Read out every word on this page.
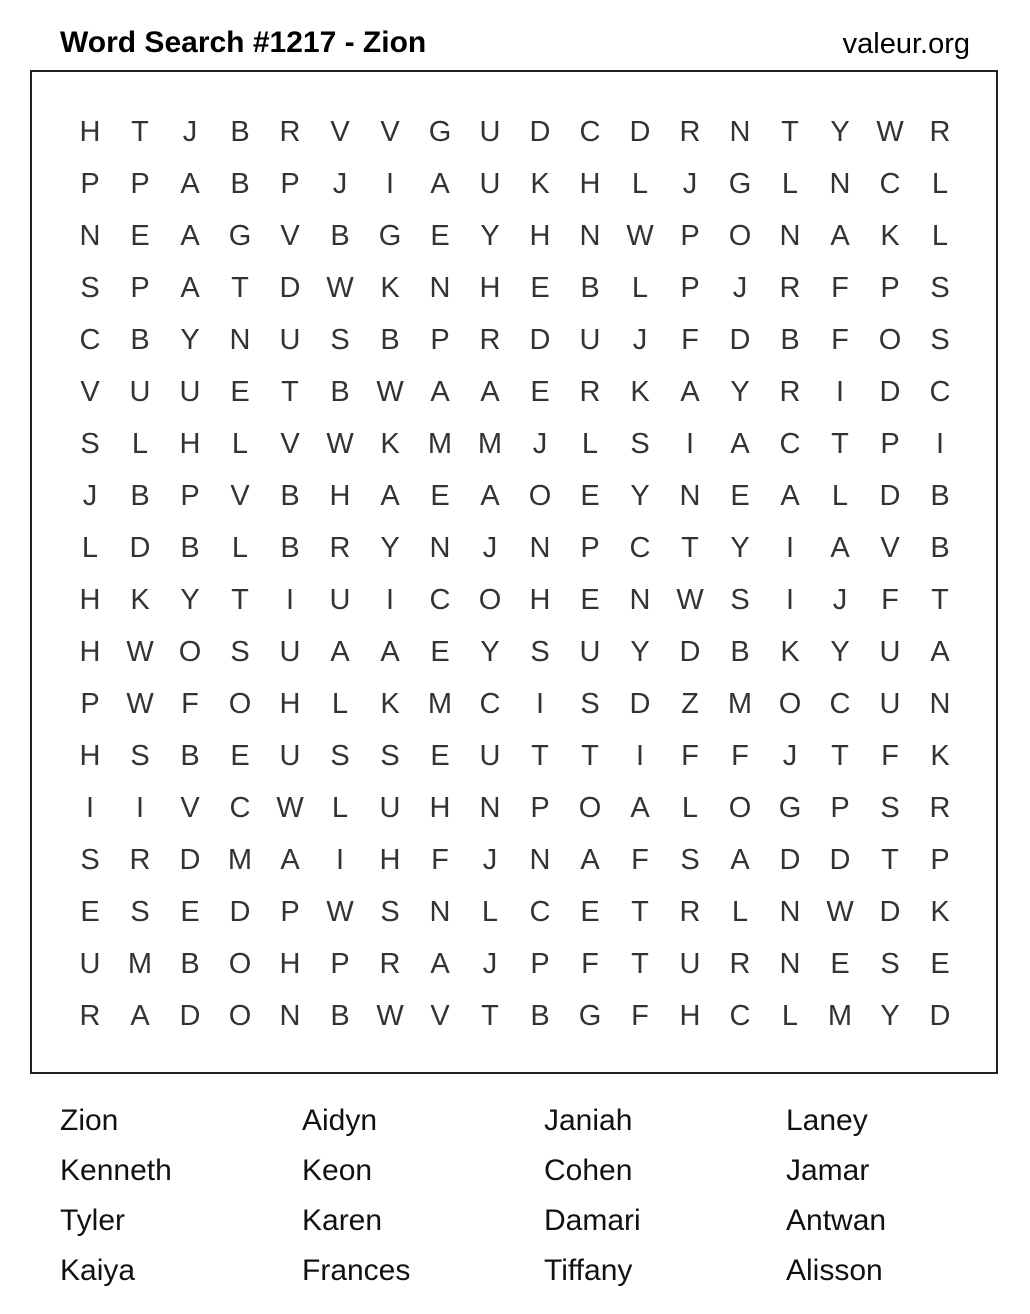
Word Search #1217 - Zion	valeur.org
H	T	J	B	R	V	V	G U	D	C	D	R	N	T	Y W R
P	P	A	B	P	J	I	A	U	K	H	L	J	G	L	N	C	L
N	E	A	G	V	B	G	E	Y	H	N W P	O N	A	K	L
S	P	A	T	D W K	N	H	E	B	L	P	J	R	F	P	S
C	B	Y	N	U	S	B	P	R	D	U	J	F	D	B	F	O	S
V	U	U	E	T	B W A	A	E	R	K	A	Y	R	I	D	C
S	L	H	L	V W K M M	J	L	S	I	A	C	T	P	I
J	B	P	V	B	H	A	E	A	O	E	Y	N	E	A	L	D	B
L	D	B	L	B	R	Y	N	J	N	P	C	T	Y	I	A	V	B
H	K	Y	T	I	U	I	C O H	E	N W S	I	J	F	T
H W O	S	U	A	A	E	Y	S	U	Y	D	B	K	Y	U	A
P W F	O H	L	K M C	I	S	D	Z	M O C	U	N
H	S	B	E	U	S	S	E	U	T	T	I	F	F	J	T	F	K
I	I	V	C W L	U	H	N	P	O	A	L	O G	P	S	R
S	R	D M A	I	H	F	J	N	A	F	S	A	D	D	T	P
E	S	E	D	P W S	N	L	C	E	T	R	L	N W D	K
U M B	O H	P	R	A	J	P	F	T	U	R	N	E	S	E
R	A	D O N	B W V	T	B	G	F	H	C	L	M Y	D
Zion	Aidyn	Janiah	Laney
Kenneth	Keon	Cohen	Jamar
Tyler	Karen	Damari	Antwan
Kaiya	Frances	Tiffany	Alisson
